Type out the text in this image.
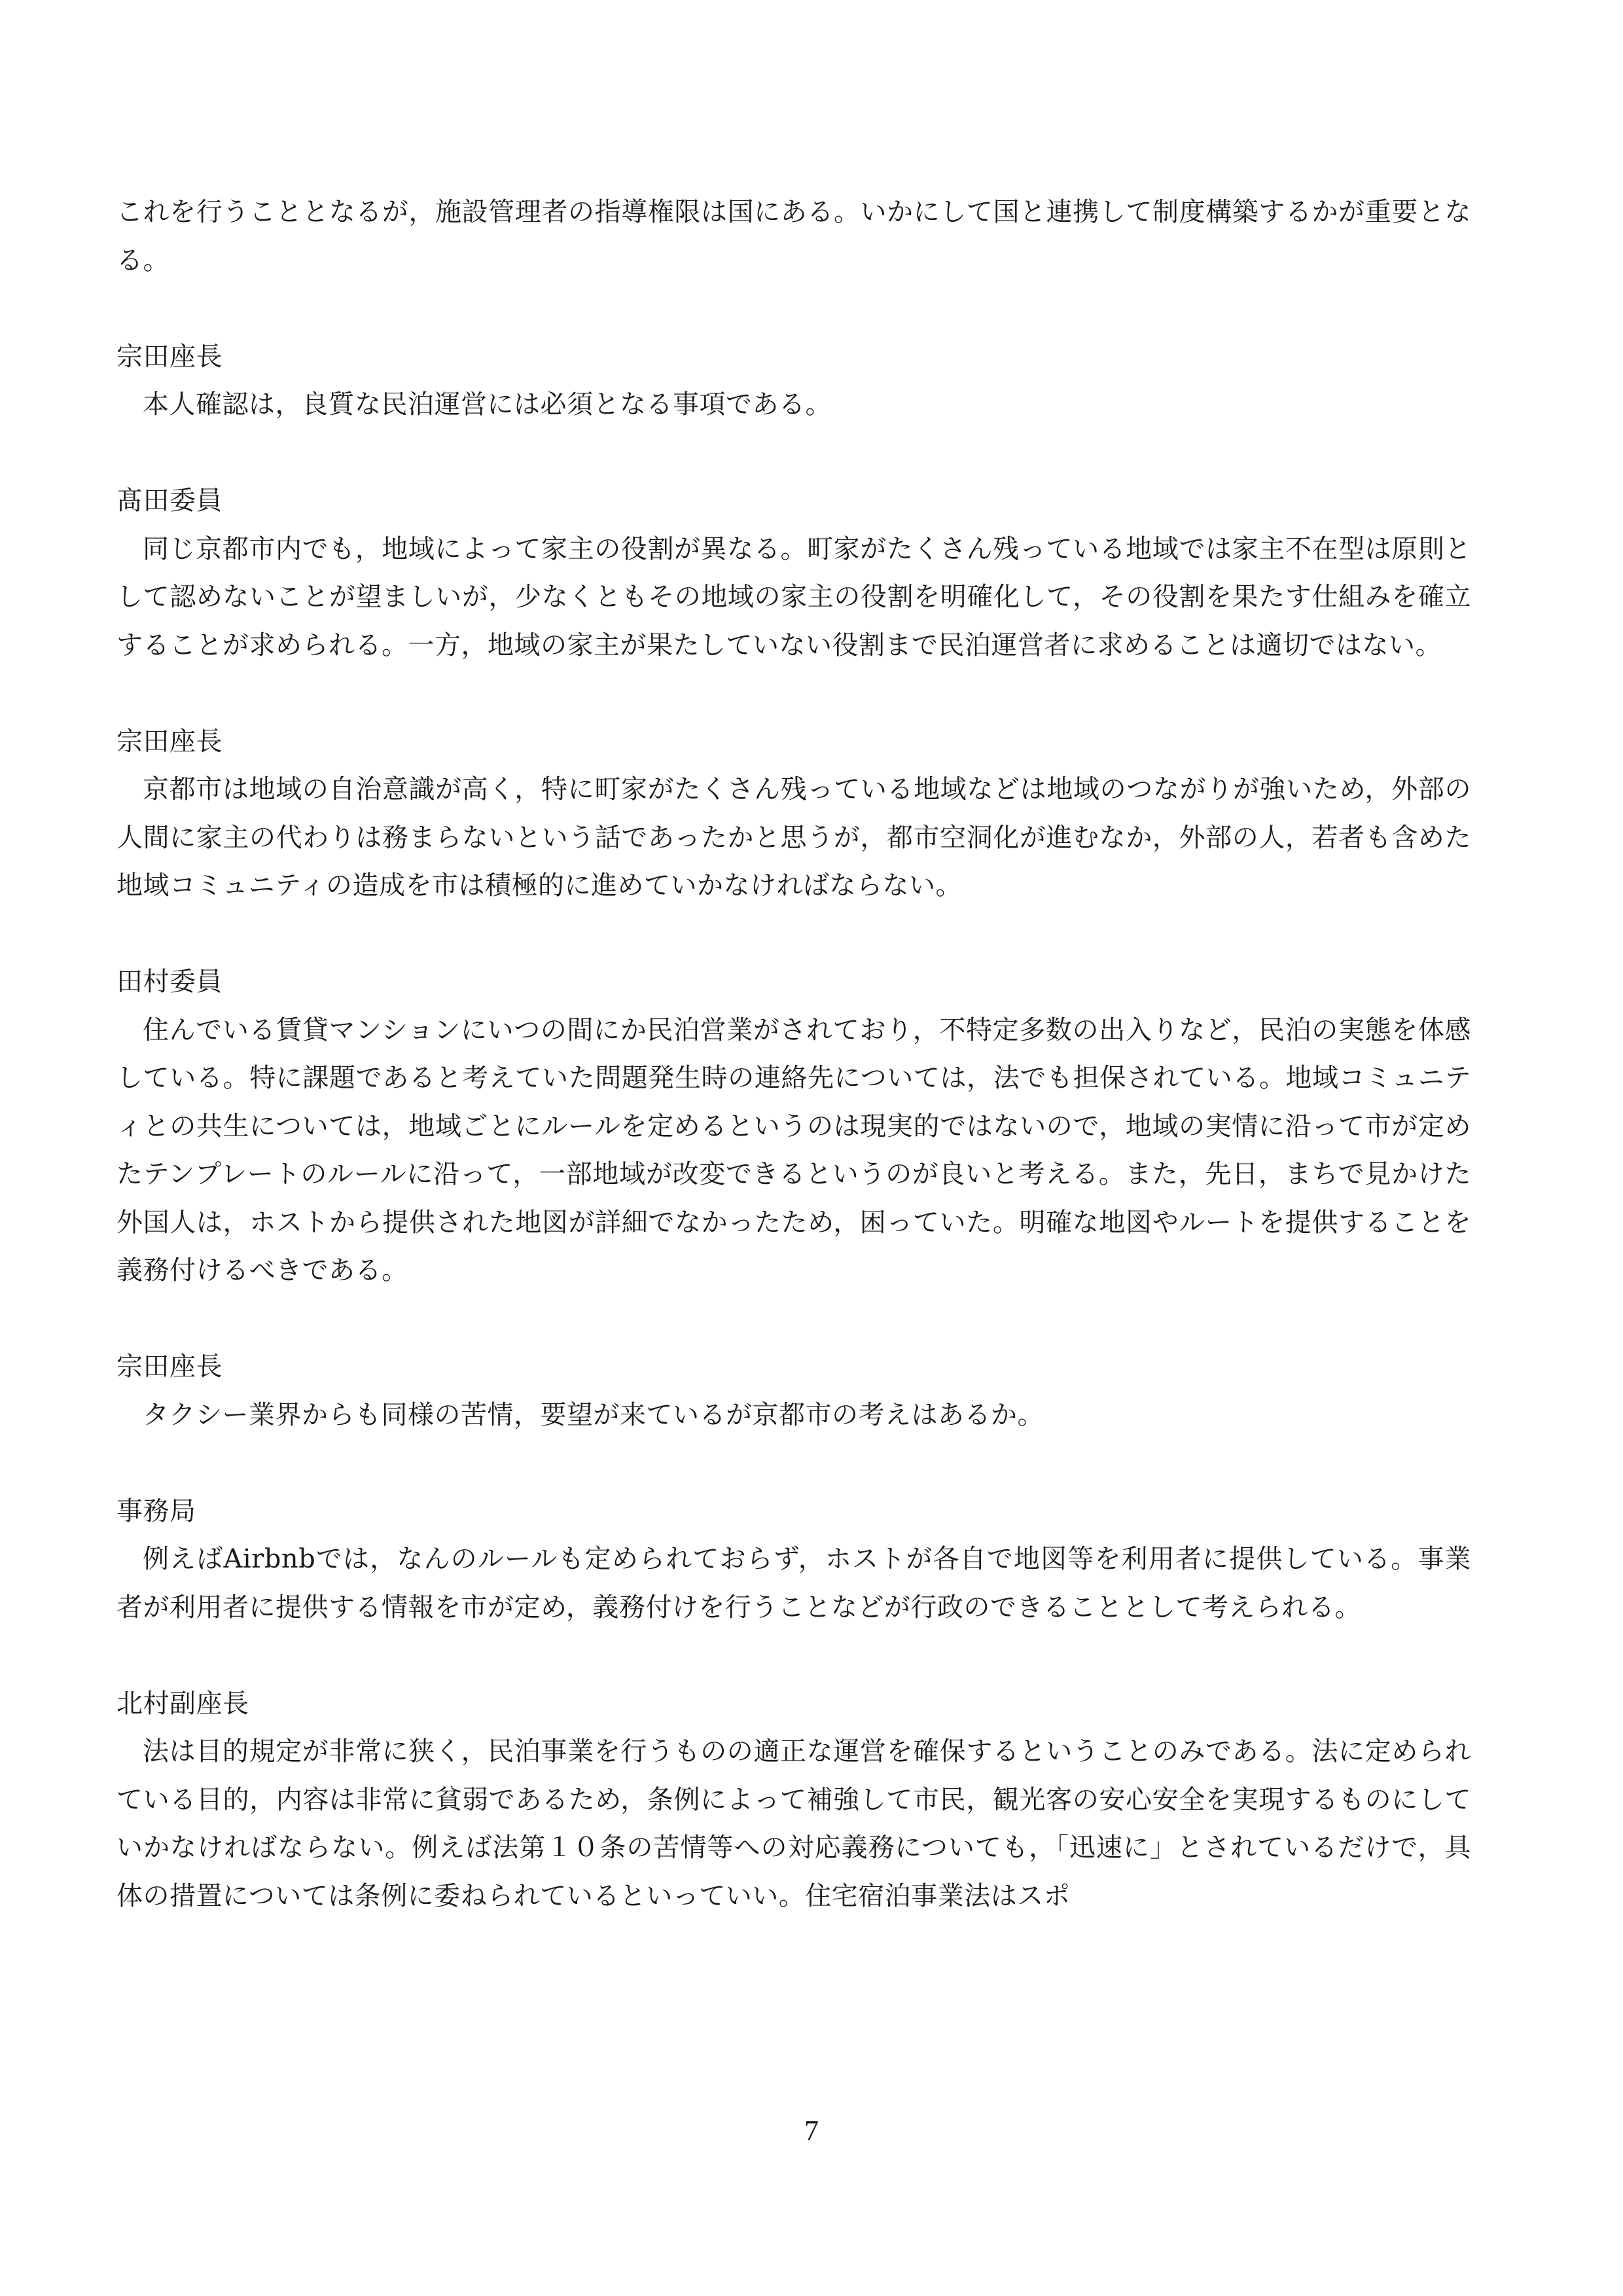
これを行うこととなるが，施設管理者の指導権限は国にある。いかにして国と連携して制度構築するかが重要となる。

宗田座長

本人確認は，良質な民泊運営には必須となる事項である。

髙田委員

同じ京都市内でも，地域によって家主の役割が異なる。町家がたくさん残っている地域では家主不在型は原則として認めないことが望ましいが，少なくともその地域の家主の役割を明確化して，その役割を果たす仕組みを確立することが求められる。一方，地域の家主が果たしていない役割まで民泊運営者に求めることは適切ではない。

宗田座長

京都市は地域の自治意識が高く，特に町家がたくさん残っている地域などは地域のつながりが強いため，外部の人間に家主の代わりは務まらないという話であったかと思うが，都市空洞化が進むなか，外部の人，若者も含めた地域コミュニティの造成を市は積極的に進めていかなければならない。

田村委員

住んでいる賃貸マンションにいつの間にか民泊営業がされており，不特定多数の出入りなど，民泊の実態を体感している。特に課題であると考えていた問題発生時の連絡先については，法でも担保されている。地域コミュニティとの共生については，地域ごとにルールを定めるというのは現実的ではないので，地域の実情に沿って市が定めたテンプレートのルールに沿って，一部地域が改変できるというのが良いと考える。また，先日，まちで見かけた外国人は，ホストから提供された地図が詳細でなかったため，困っていた。明確な地図やルートを提供することを義務付けるべきである。

宗田座長

タクシー業界からも同様の苦情，要望が来ているが京都市の考えはあるか。

事務局

例えばAirbnbでは，なんのルールも定められておらず，ホストが各自で地図等を利用者に提供している。事業者が利用者に提供する情報を市が定め，義務付けを行うことなどが行政のできることとして考えられる。

北村副座長

法は目的規定が非常に狭く，民泊事業を行うものの適正な運営を確保するということのみである。法に定められている目的，内容は非常に貧弱であるため，条例によって補強して市民，観光客の安心安全を実現するものにしていかなければならない。例えば法第１０条の苦情等への対応義務についても，「迅速に」とされているだけで，具体の措置については条例に委ねられているといっていい。住宅宿泊事業法はスポ

7
